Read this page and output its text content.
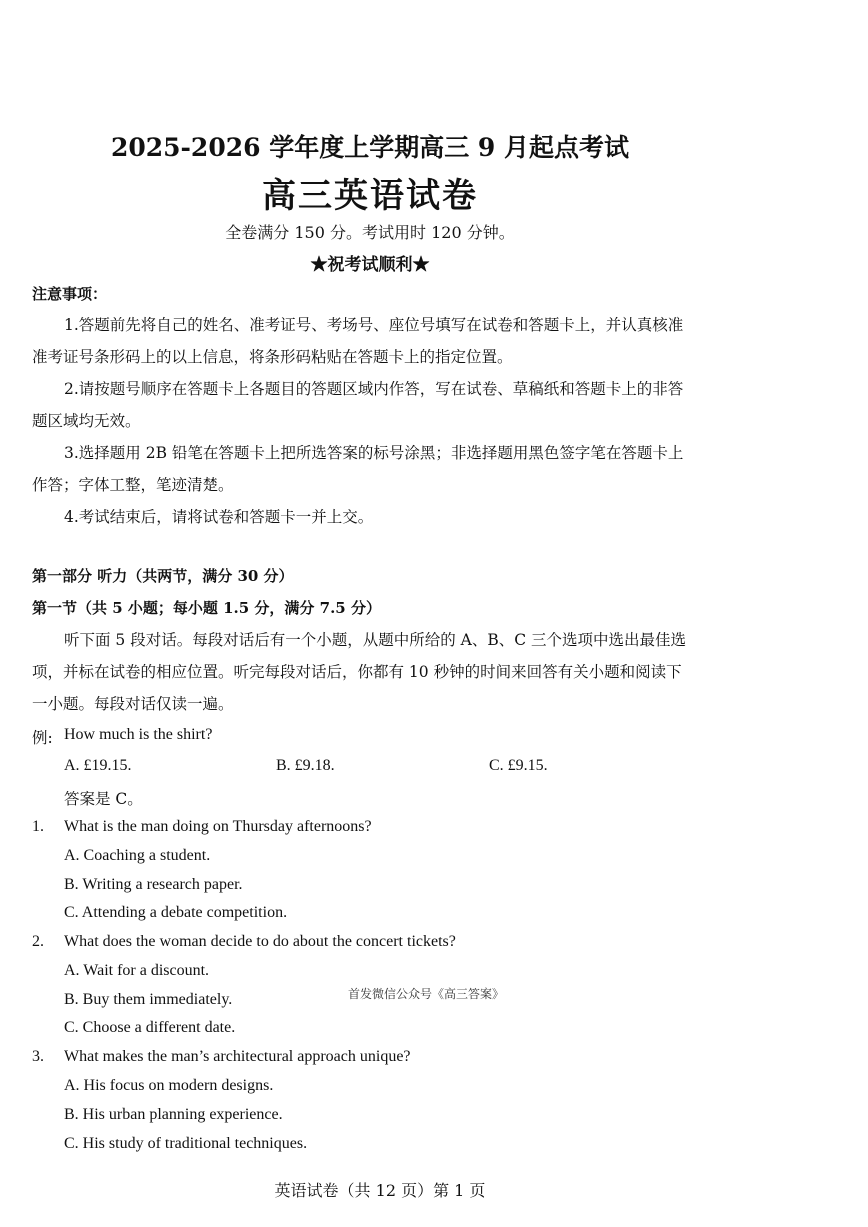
2025-2026 学年度上学期高三 9 月起点考试
高三英语试卷
全卷满分 150 分。考试用时 120 分钟。
★祝考试顺利★
注意事项：
1.答题前先将自己的姓名、准考证号、考场号、座位号填写在试卷和答题卡上，并认真核准
准考证号条形码上的以上信息，将条形码粘贴在答题卡上的指定位置。
2.请按题号顺序在答题卡上各题目的答题区域内作答，写在试卷、草稿纸和答题卡上的非答
题区域均无效。
3.选择题用 2B 铅笔在答题卡上把所选答案的标号涂黑；非选择题用黑色签字笔在答题卡上
作答；字体工整，笔迹清楚。
4.考试结束后，请将试卷和答题卡一并上交。
第一部分 听力（共两节，满分 30 分）
第一节（共 5 小题；每小题 1.5 分，满分 7.5 分）
听下面 5 段对话。每段对话后有一个小题，从题中所给的 A、B、C 三个选项中选出最佳选
项，并标在试卷的相应位置。听完每段对话后，你都有 10 秒钟的时间来回答有关小题和阅读下
一小题。每段对话仅读一遍。
例: How much is the shirt?
A. £19.15.	B. £9.18.	C. £9.15.
答案是 C。
1. What is the man doing on Thursday afternoons?
A. Coaching a student.
B. Writing a research paper.
C. Attending a debate competition.
2. What does the woman decide to do about the concert tickets?
A. Wait for a discount.
B. Buy them immediately.
C. Choose a different date.
首发微信公众号《高三答案》
3. What makes the man’s architectural approach unique?
A. His focus on modern designs.
B. His urban planning experience.
C. His study of traditional techniques.
英语试卷（共 12 页）第 1 页
